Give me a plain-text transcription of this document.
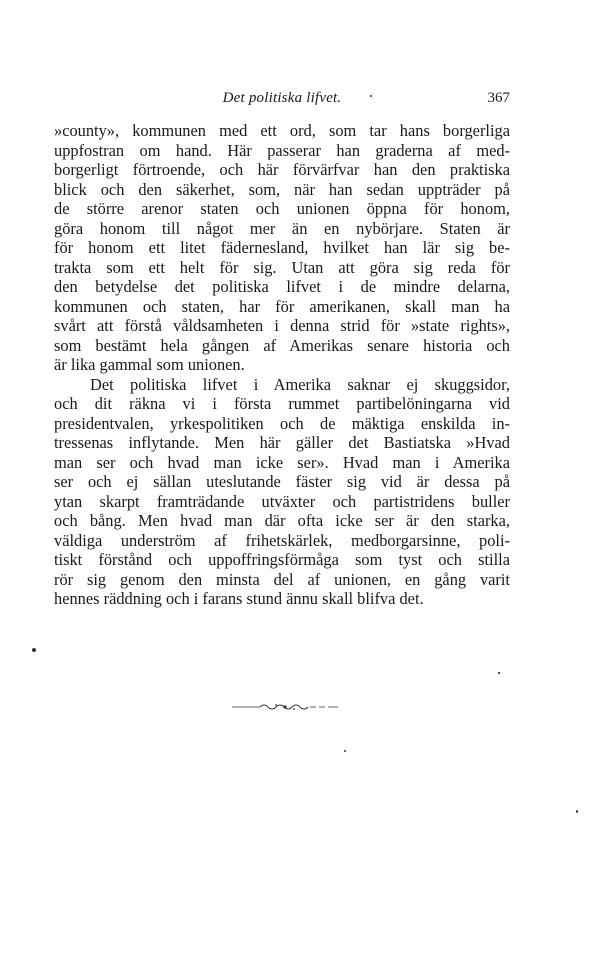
Det politiska lifvet.	367

»county», kommunen med ett ord, som tar hans borgerliga
uppfostran om hand. Här passerar han graderna af med-
borgerligt förtroende, och här förvärfvar han den praktiska
blick och den säkerhet, som, när han sedan uppträder på
de större arenor staten och unionen öppna för honom,
göra honom till något mer än en nybörjare. Staten är
för honom ett litet fädernesland, hvilket han lär sig be-
trakta som ett helt för sig. Utan att göra sig reda för
den betydelse det politiska lifvet i de mindre delarna,
kommunen och staten, har för amerikanen, skall man ha
svårt att förstå våldsamheten i denna strid för »state rights»,
som bestämt hela gången af Amerikas senare historia och
är lika gammal som unionen.

Det politiska lifvet i Amerika saknar ej skuggsidor,
och dit räkna vi i första rummet partibelöningarna vid
presidentvalen, yrkespolitiken och de mäktiga enskilda in-
tressenas inflytande. Men här gäller det Bastiatska »Hvad
man ser och hvad man icke ser». Hvad man i Amerika
ser och ej sällan uteslutande fäster sig vid är dessa på
ytan skarpt framträdande utväxter och partistridens buller
och bång. Men hvad man där ofta icke ser är den starka,
väldiga underström af frihetskärlek, medborgarsinne, poli-
tiskt förstånd och uppoffringsförmåga som tyst och stilla
rör sig genom den minsta del af unionen, en gång varit
hennes räddning och i farans stund ännu skall blifva det.
